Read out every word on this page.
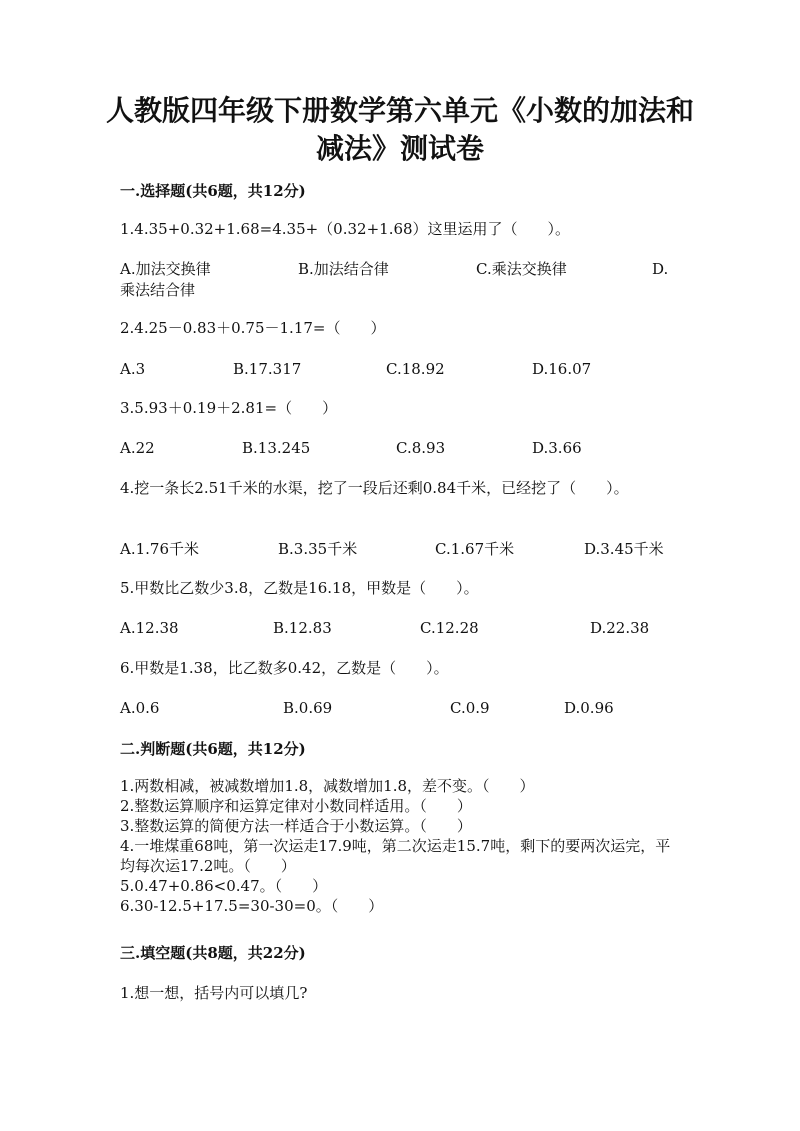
人教版四年级下册数学第六单元《小数的加法和减法》测试卷
一.选择题(共6题，共12分)
1.4.35+0.32+1.68=4.35+（0.32+1.68）这里运用了（　　）。
A.加法交换律	B.加法结合律	C.乘法交换律	D.
乘法结合律
2.4.25－0.83＋0.75－1.17=（　　）
A.3	B.17.317	C.18.92	D.16.07
3.5.93＋0.19＋2.81=（　　）
A.22	B.13.245	C.8.93	D.3.66
4.挖一条长2.51千米的水渠，挖了一段后还剩0.84千米，已经挖了（　　）。
A.1.76千米	B.3.35千米	C.1.67千米	D.3.45千米
5.甲数比乙数少3.8，乙数是16.18，甲数是（　　）。
A.12.38	B.12.83	C.12.28	D.22.38
6.甲数是1.38，比乙数多0.42，乙数是（　　）。
A.0.6	B.0.69	C.0.9	D.0.96
二.判断题(共6题，共12分)
1.两数相减，被减数增加1.8，减数增加1.8，差不变。（　　）
2.整数运算顺序和运算定律对小数同样适用。（　　）
3.整数运算的简便方法一样适合于小数运算。（　　）
4.一堆煤重68吨，第一次运走17.9吨，第二次运走15.7吨，剩下的要两次运完，平均每次运17.2吨。（　　）
5.0.47+0.86<0.47。（　　）
6.30-12.5+17.5=30-30=0。（　　）
三.填空题(共8题，共22分)
1.想一想，括号内可以填几?
